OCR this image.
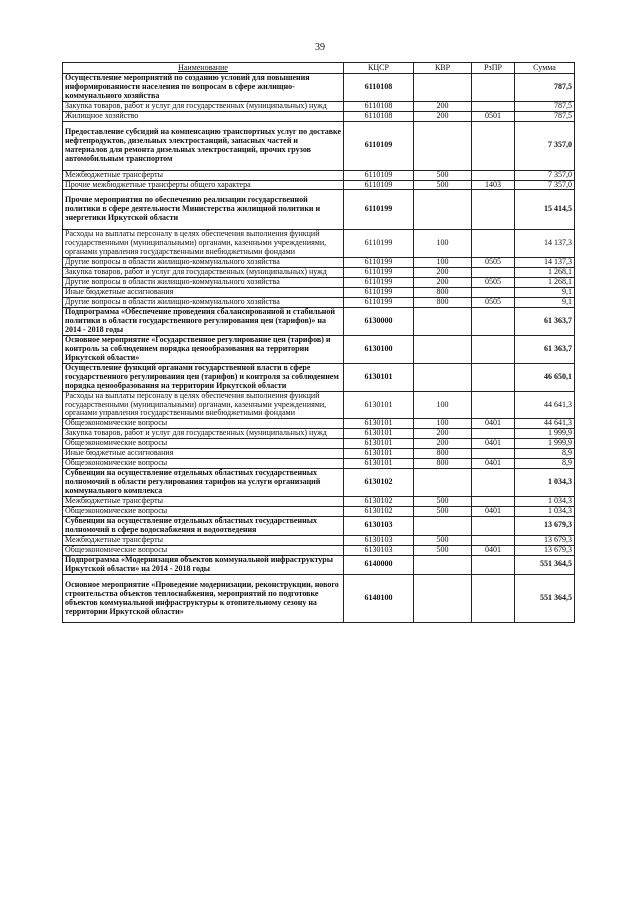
39
Наименование	КЦСР	КВР	РзПР	Сумма
Осуществление мероприятий по созданию условий для повышения информированности населения по вопросам в сфере жилищно-коммунального хозяйства	6110108			787,5
Закупка товаров, работ и услуг для государственных (муниципальных) нужд	6110108	200		787,5
Жилищное хозяйство	6110108	200	0501	787,5
Предоставление субсидий на компенсацию транспортных услуг по доставке нефтепродуктов, дизельных электростанций, запасных частей и материалов для ремонта дизельных электростанций, прочих грузов автомобильным транспортом	6110109			7 357,0
Межбюджетные трансферты	6110109	500		7 357,0
Прочие межбюджетные трансферты общего характера	6110109	500	1403	7 357,0
Прочие мероприятия по обеспечению реализации государственной политики в сфере деятельности Министерства жилищной политики и энергетики Иркутской области	6110199			15 414,5
Расходы на выплаты персоналу в целях обеспечения выполнения функций государственными (муниципальными) органами, казенными учреждениями, органами управления государственными внебюджетными фондами	6110199	100		14 137,3
Другие вопросы в области жилищно-коммунального хозяйства	6110199	100	0505	14 137,3
Закупка товаров, работ и услуг для государственных (муниципальных) нужд	6110199	200		1 268,1
Другие вопросы в области жилищно-коммунального хозяйства	6110199	200	0505	1 268,1
Иные бюджетные ассигнования	6110199	800		9,1
Другие вопросы в области жилищно-коммунального хозяйства	6110199	800	0505	9,1
Подпрограмма «Обеспечение проведения сбалансированной и стабильной политики в области государственного регулирования цен (тарифов)» на 2014 - 2018 годы	6130000			61 363,7
Основное мероприятие «Государственное регулирование цен (тарифов) и контроль за соблюдением порядка ценообразования на территории Иркутской области»	6130100			61 363,7
Осуществление функций органами государственной власти в сфере государственного регулирования цен (тарифов) и контроля за соблюдением порядка ценообразования на территории Иркутской области	6130101			46 650,1
Расходы на выплаты персоналу в целях обеспечения выполнения функций государственными (муниципальными) органами, казенными учреждениями, органами управления государственными внебюджетными фондами	6130101	100		44 641,3
Общеэкономические вопросы	6130101	100	0401	44 641,3
Закупка товаров, работ и услуг для государственных (муниципальных) нужд	6130101	200		1 999,9
Общеэкономические вопросы	6130101	200	0401	1 999,9
Иные бюджетные ассигнования	6130101	800		8,9
Общеэкономические вопросы	6130101	800	0401	8,9
Субвенции на осуществление отдельных областных государственных полномочий в области регулирования тарифов на услуги организаций коммунального комплекса	6130102			1 034,3
Межбюджетные трансферты	6130102	500		1 034,3
Общеэкономические вопросы	6130102	500	0401	1 034,3
Субвенции на осуществление отдельных областных государственных полномочий в сфере водоснабжения и водоотведения	6130103			13 679,3
Межбюджетные трансферты	6130103	500		13 679,3
Общеэкономические вопросы	6130103	500	0401	13 679,3
Подпрограмма «Модернизация объектов коммунальной инфраструктуры Иркутской области» на 2014 - 2018 годы	6140000			551 364,5
Основное мероприятие «Проведение модернизации, реконструкции, нового строительства объектов теплоснабжения, мероприятий по подготовке объектов коммунальной инфраструктуры к отопительному сезону на территории Иркутской области»	6140100			551 364,5
